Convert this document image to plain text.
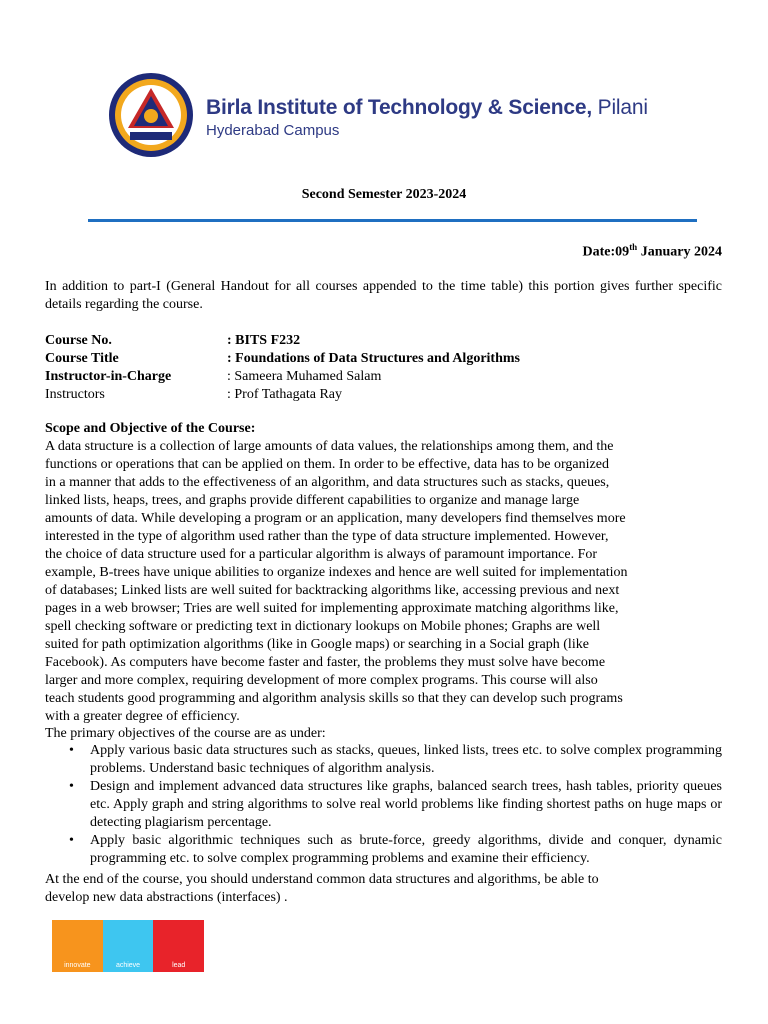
Birla Institute of Technology & Science, Pilani
Hyderabad Campus
Second Semester 2023-2024
Date:09th January 2024
In addition to part-I (General Handout for all courses appended to the time table) this portion gives further specific details regarding the course.
Course No.	: BITS F232
Course Title	: Foundations of Data Structures and Algorithms
Instructor-in-Charge	: Sameera Muhamed Salam
Instructors	: Prof Tathagata Ray
Scope and Objective of the Course:
A data structure is a collection of large amounts of data values, the relationships among them, and the
functions or operations that can be applied on them. In order to be effective, data has to be organized
in a manner that adds to the effectiveness of an algorithm, and data structures such as stacks, queues,
linked lists, heaps, trees, and graphs provide different capabilities to organize and manage large
amounts of data. While developing a program or an application, many developers find themselves more
interested in the type of algorithm used rather than the type of data structure implemented. However,
the choice of data structure used for a particular algorithm is always of paramount importance. For
example, B-trees have unique abilities to organize indexes and hence are well suited for implementation
of databases; Linked lists are well suited for backtracking algorithms like, accessing previous and next
pages in a web browser; Tries are well suited for implementing approximate matching algorithms like,
spell checking software or predicting text in dictionary lookups on Mobile phones; Graphs are well
suited for path optimization algorithms (like in Google maps) or searching in a Social graph (like
Facebook). As computers have become faster and faster, the problems they must solve have become
larger and more complex, requiring development of more complex programs. This course will also
teach students good programming and algorithm analysis skills so that they can develop such programs
with a greater degree of efficiency.
The primary objectives of the course are as under:
• Apply various basic data structures such as stacks, queues, linked lists, trees etc. to solve complex programming problems. Understand basic techniques of algorithm analysis.
• Design and implement advanced data structures like graphs, balanced search trees, hash tables, priority queues etc. Apply graph and string algorithms to solve real world problems like finding shortest paths on huge maps or detecting plagiarism percentage.
• Apply basic algorithmic techniques such as brute-force, greedy algorithms, divide and conquer, dynamic programming etc. to solve complex programming problems and examine their efficiency.
At the end of the course, you should understand common data structures and algorithms, be able to
develop new data abstractions (interfaces) .
innovate	achieve	lead
